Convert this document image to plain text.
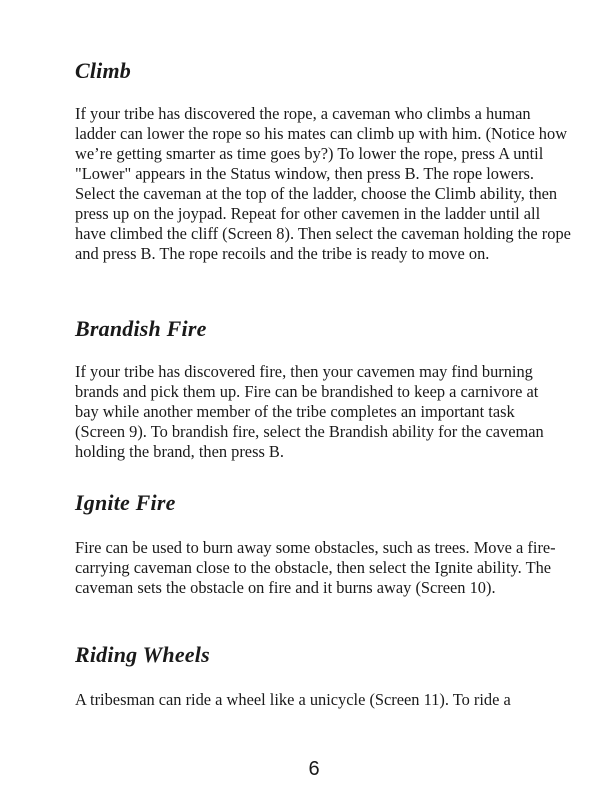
Climb

If your tribe has discovered the rope, a caveman who climbs a human ladder can lower the rope so his mates can climb up with him. (Notice how we’re getting smarter as time goes by?) To lower the rope, press A until "Lower" appears in the Status window, then press B. The rope lowers. Select the caveman at the top of the ladder, choose the Climb ability, then press up on the joypad. Repeat for other cavemen in the ladder until all have climbed the cliff (Screen 8). Then select the caveman holding the rope and press B. The rope recoils and the tribe is ready to move on.

Brandish Fire

If your tribe has discovered fire, then your cavemen may find burning brands and pick them up. Fire can be brandished to keep a carnivore at bay while another member of the tribe completes an important task (Screen 9). To brandish fire, select the Brandish ability for the caveman holding the brand, then press B.

Ignite Fire

Fire can be used to burn away some obstacles, such as trees. Move a fire-carrying caveman close to the obstacle, then select the Ignite ability. The caveman sets the obstacle on fire and it burns away (Screen 10).

Riding Wheels

A tribesman can ride a wheel like a unicycle (Screen 11). To ride a

6
